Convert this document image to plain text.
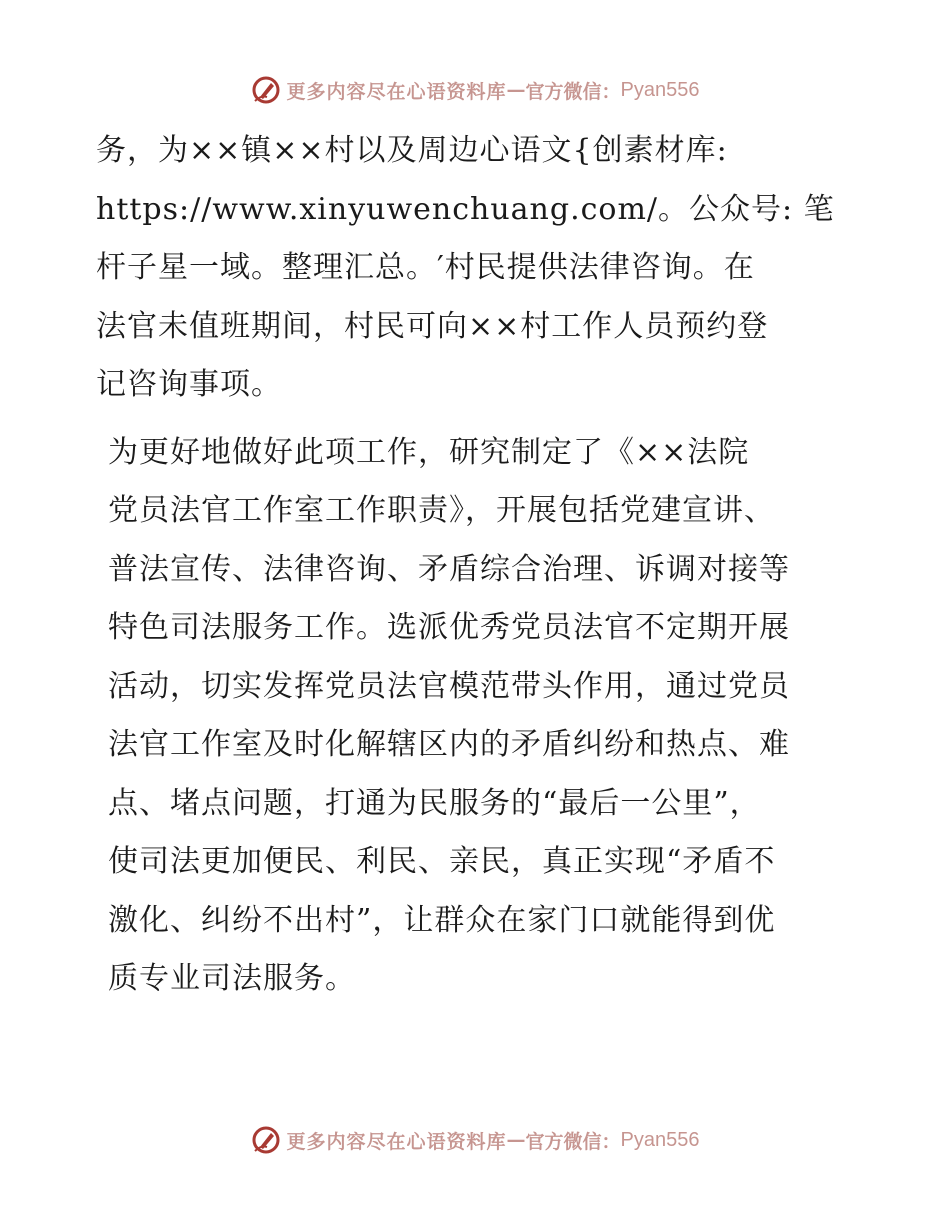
更多内容尽在心语资料库 — 官方微信： Pyan556

务，为××镇××村以及周边心语文{创素材库:
https://www.xinyuwenchuang.com/。公众号: 笔
杆子星一域。整理汇总。′村民提供法律咨询。在
法官未值班期间，村民可向××村工作人员预约登
记咨询事项。

为更好地做好此项工作，研究制定了《××法院
党员法官工作室工作职责》，开展包括党建宣讲、
普法宣传、法律咨询、矛盾综合治理、诉调对接等
特色司法服务工作。选派优秀党员法官不定期开展
活动，切实发挥党员法官模范带头作用，通过党员
法官工作室及时化解辖区内的矛盾纠纷和热点、难
点、堵点问题，打通为民服务的“最后一公里”，
使司法更加便民、利民、亲民，真正实现“矛盾不
激化、纠纷不出村”，让群众在家门口就能得到优
质专业司法服务。

更多内容尽在心语资料库 — 官方微信： Pyan556
